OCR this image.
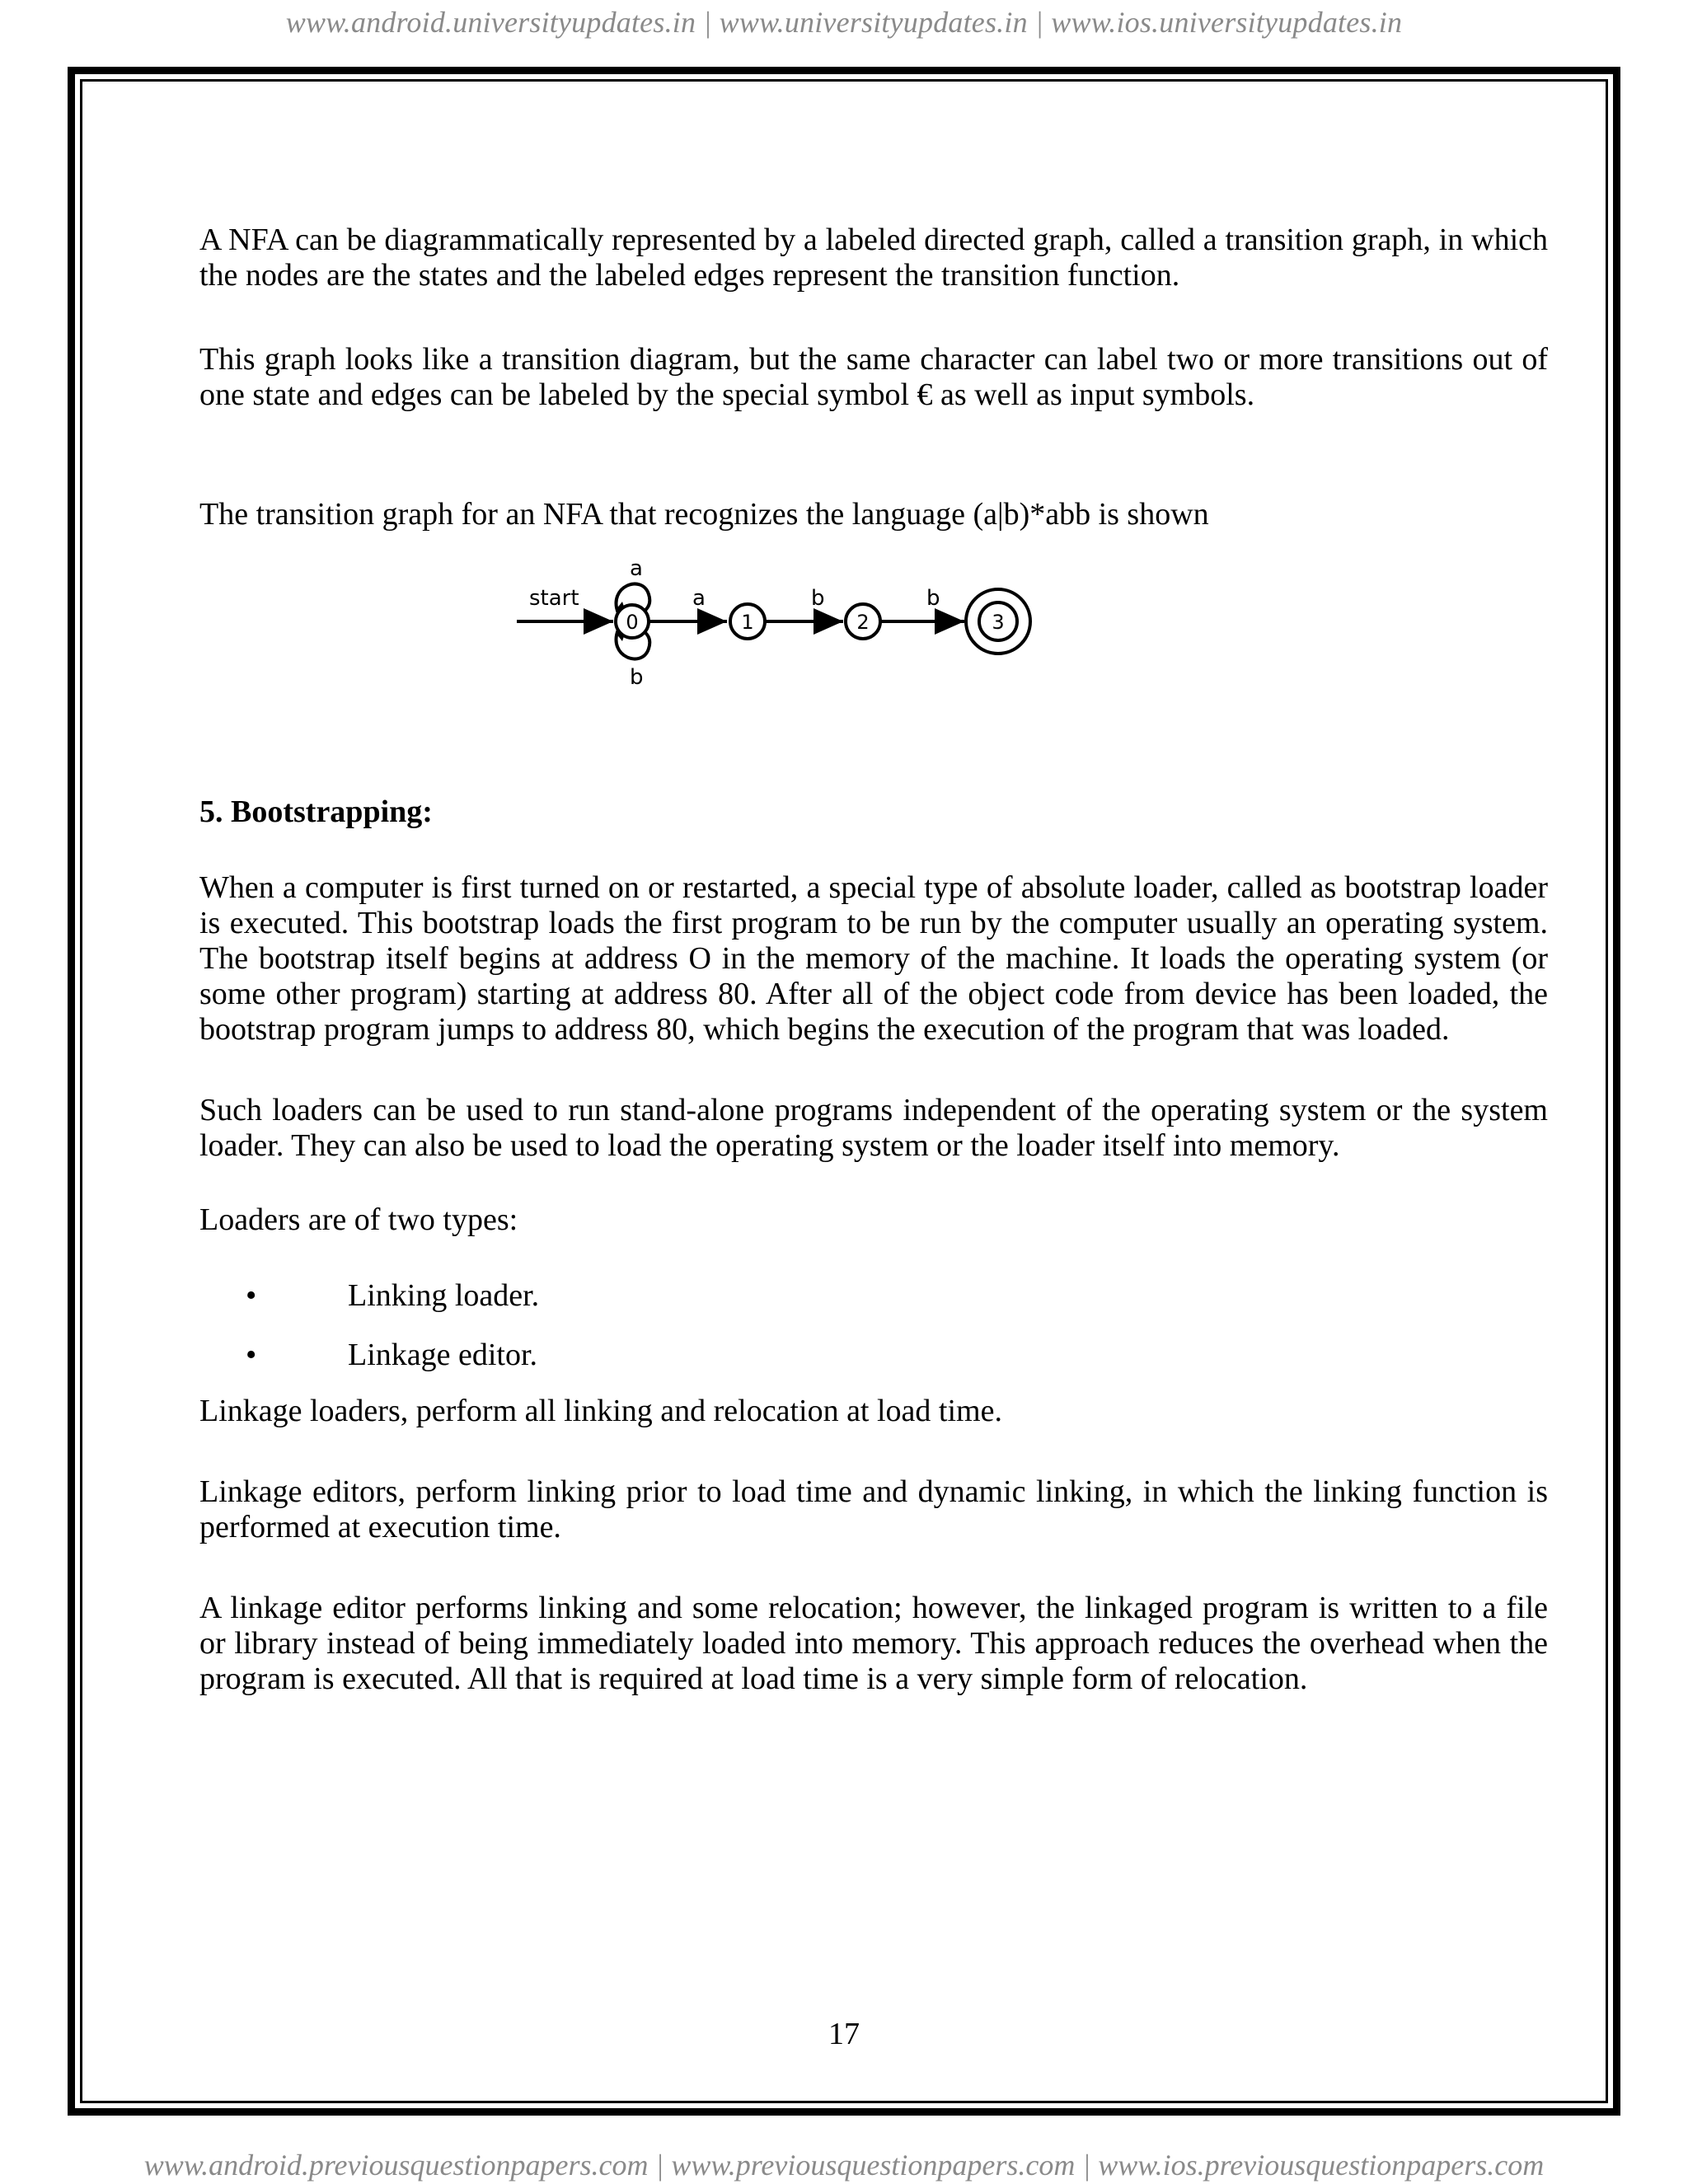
www.android.universityupdates.in | www.universityupdates.in | www.ios.universityupdates.in

A NFA can be diagrammatically represented by a labeled directed graph, called a transition graph, in which the nodes are the states and the labeled edges represent the transition function.

This graph looks like a transition diagram, but the same character can label two or more transitions out of one state and edges can be labeled by the special symbol € as well as input symbols.

The transition graph for an NFA that recognizes the language (a|b)*abb is shown

start
a
b
a	b	b
0	1	2	3

5. Bootstrapping:

When a computer is first turned on or restarted, a special type of absolute loader, called as bootstrap loader is executed. This bootstrap loads the first program to be run by the computer usually an operating system. The bootstrap itself begins at address O in the memory of the machine. It loads the operating system (or some other program) starting at address 80. After all of the object code from device has been loaded, the bootstrap program jumps to address 80, which begins the execution of the program that was loaded.

Such loaders can be used to run stand-alone programs independent of the operating system or the system loader. They can also be used to load the operating system or the loader itself into memory.

Loaders are of two types:

•	Linking loader.
•	Linkage editor.

Linkage loaders, perform all linking and relocation at load time.

Linkage editors, perform linking prior to load time and dynamic linking, in which the linking function is performed at execution time.

A linkage editor performs linking and some relocation; however, the linkaged program is written to a file or library instead of being immediately loaded into memory. This approach reduces the overhead when the program is executed. All that is required at load time is a very simple form of relocation.

17
www.android.previousquestionpapers.com | www.previousquestionpapers.com | www.ios.previousquestionpapers.com
